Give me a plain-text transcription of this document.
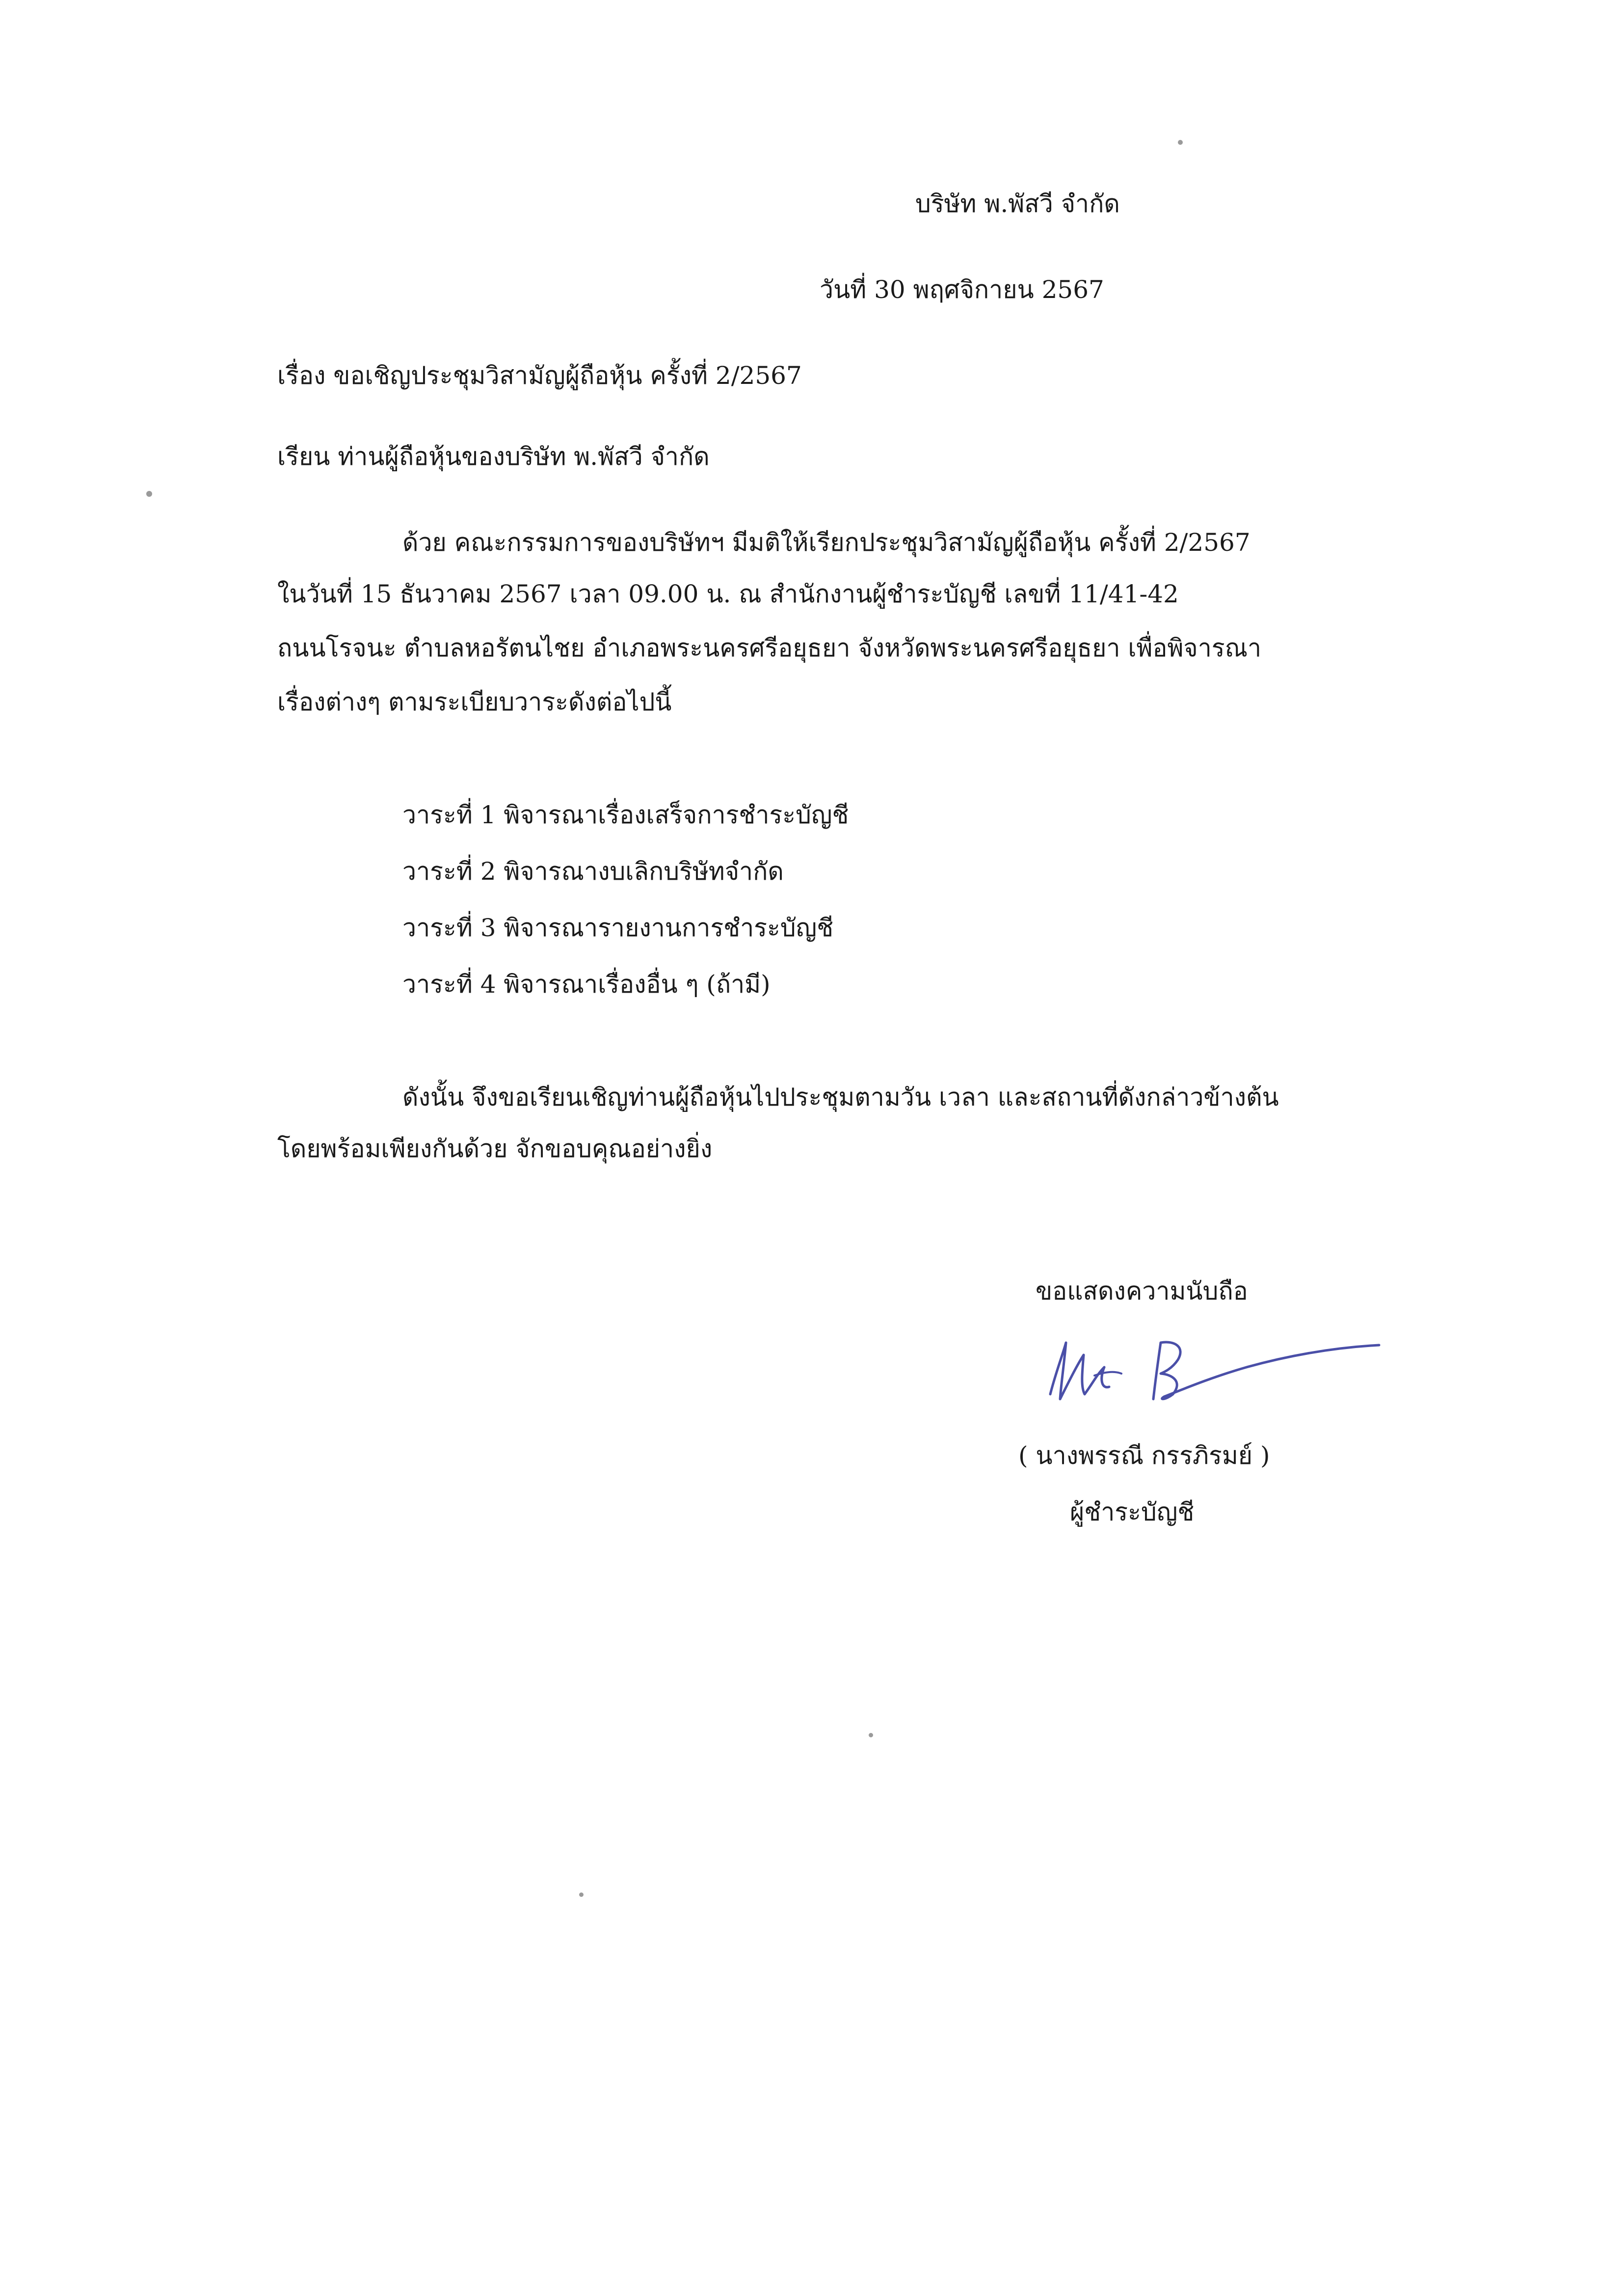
บริษัท พ.พัสวี จำกัด
วันที่ 30 พฤศจิกายน 2567
เรื่อง ขอเชิญประชุมวิสามัญผู้ถือหุ้น ครั้งที่ 2/2567
เรียน ท่านผู้ถือหุ้นของบริษัท พ.พัสวี จำกัด
ด้วย คณะกรรมการของบริษัทฯ มีมติให้เรียกประชุมวิสามัญผู้ถือหุ้น ครั้งที่ 2/2567
ในวันที่ 15 ธันวาคม 2567 เวลา 09.00 น. ณ สำนักงานผู้ชำระบัญชี เลขที่ 11/41-42
ถนนโรจนะ ตำบลหอรัตนไชย อำเภอพระนครศรีอยุธยา จังหวัดพระนครศรีอยุธยา เพื่อพิจารณา
เรื่องต่างๆ ตามระเบียบวาระดังต่อไปนี้
วาระที่ 1 พิจารณาเรื่องเสร็จการชำระบัญชี
วาระที่ 2 พิจารณางบเลิกบริษัทจำกัด
วาระที่ 3 พิจารณารายงานการชำระบัญชี
วาระที่ 4 พิจารณาเรื่องอื่น ๆ (ถ้ามี)
ดังนั้น จึงขอเรียนเชิญท่านผู้ถือหุ้นไปประชุมตามวัน เวลา และสถานที่ดังกล่าวข้างต้น
โดยพร้อมเพียงกันด้วย จักขอบคุณอย่างยิ่ง
ขอแสดงความนับถือ
( นางพรรณี กรรภิรมย์ )
ผู้ชำระบัญชี
